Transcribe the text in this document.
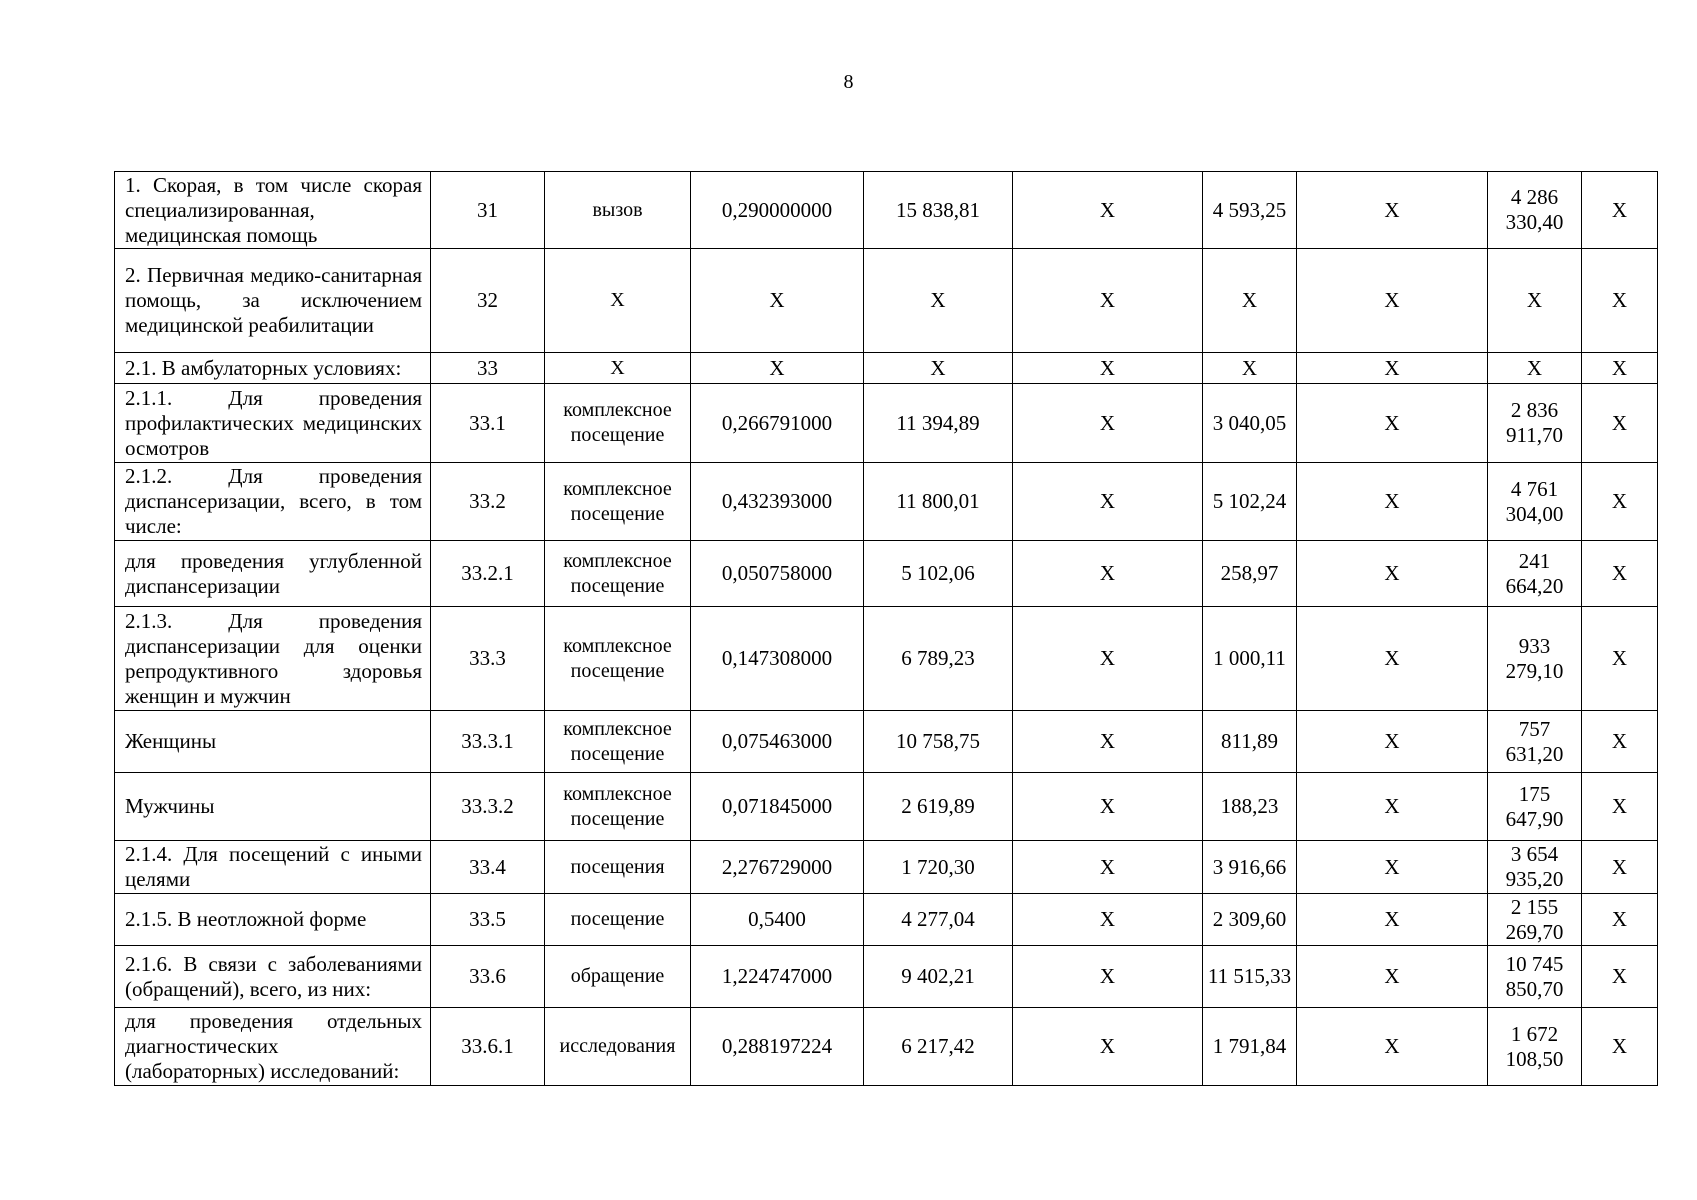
8
1. Скорая, в том числе скорая специализированная, медицинская помощь	31	вызов	0,290000000	15 838,81	X	4 593,25	X	4 286 330,40	X
2. Первичная медико-санитарная помощь, за исключением медицинской реабилитации	32	X	X	X	X	X	X	X	X
2.1. В амбулаторных условиях:	33	X	X	X	X	X	X	X	X
2.1.1. Для проведения профилактических медицинских осмотров	33.1	комплексное посещение	0,266791000	11 394,89	X	3 040,05	X	2 836 911,70	X
2.1.2. Для проведения диспансеризации, всего, в том числе:	33.2	комплексное посещение	0,432393000	11 800,01	X	5 102,24	X	4 761 304,00	X
для проведения углубленной диспансеризации	33.2.1	комплексное посещение	0,050758000	5 102,06	X	258,97	X	241 664,20	X
2.1.3. Для проведения диспансеризации для оценки репродуктивного здоровья женщин и мужчин	33.3	комплексное посещение	0,147308000	6 789,23	X	1 000,11	X	933 279,10	X
Женщины	33.3.1	комплексное посещение	0,075463000	10 758,75	X	811,89	X	757 631,20	X
Мужчины	33.3.2	комплексное посещение	0,071845000	2 619,89	X	188,23	X	175 647,90	X
2.1.4. Для посещений с иными целями	33.4	посещения	2,276729000	1 720,30	X	3 916,66	X	3 654 935,20	X
2.1.5. В неотложной форме	33.5	посещение	0,5400	4 277,04	X	2 309,60	X	2 155 269,70	X
2.1.6. В связи с заболеваниями (обращений), всего, из них:	33.6	обращение	1,224747000	9 402,21	X	11 515,33	X	10 745 850,70	X
для проведения отдельных диагностических (лабораторных) исследований:	33.6.1	исследования	0,288197224	6 217,42	X	1 791,84	X	1 672 108,50	X
